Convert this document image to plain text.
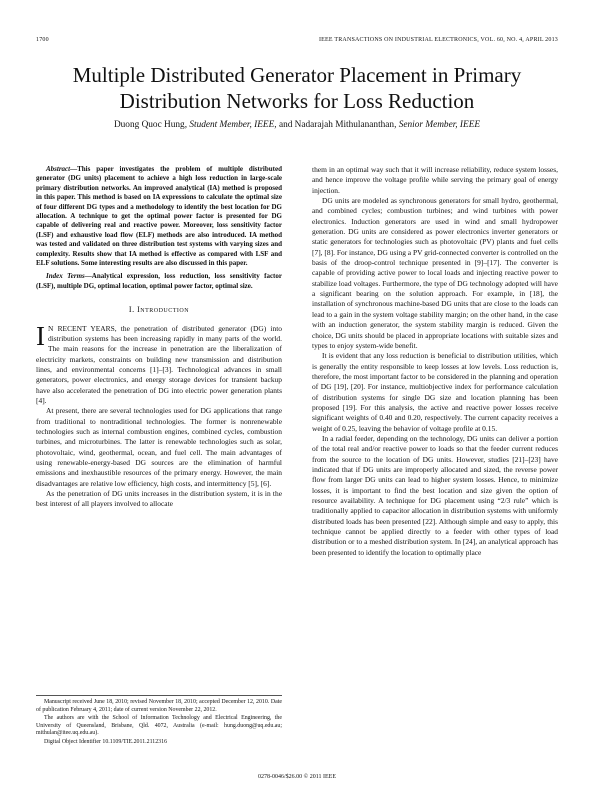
1700	IEEE TRANSACTIONS ON INDUSTRIAL ELECTRONICS, VOL. 60, NO. 4, APRIL 2013
Multiple Distributed Generator Placement in Primary
Distribution Networks for Loss Reduction
Duong Quoc Hung, Student Member, IEEE, and Nadarajah Mithulananthan, Senior Member, IEEE

Abstract—This paper investigates the problem of multiple distributed generator (DG units) placement to achieve a high loss reduction in large-scale primary distribution networks. An improved analytical (IA) method is proposed in this paper. This method is based on IA expressions to calculate the optimal size of four different DG types and a methodology to identify the best location for DG allocation. A technique to get the optimal power factor is presented for DG capable of delivering real and reactive power. Moreover, loss sensitivity factor (LSF) and exhaustive load flow (ELF) methods are also introduced. IA method was tested and validated on three distribution test systems with varying sizes and complexity. Results show that IA method is effective as compared with LSF and ELF solutions. Some interesting results are also discussed in this paper.

Index Terms—Analytical expression, loss reduction, loss sensitivity factor (LSF), multiple DG, optimal location, optimal power factor, optimal size.

I. Introduction

I N RECENT YEARS, the penetration of distributed generator (DG) into distribution systems has been increasing rapidly in many parts of the world. The main reasons for the increase in penetration are the liberalization of electricity markets, constraints on building new transmission and distribution lines, and environmental concerns [1]–[3]. Technological advances in small generators, power electronics, and energy storage devices for transient backup have also accelerated the penetration of DG into electric power generation plants [4].

At present, there are several technologies used for DG applications that range from traditional to nontraditional technologies. The former is nonrenewable technologies such as internal combustion engines, combined cycles, combustion turbines, and microturbines. The latter is renewable technologies such as solar, photovoltaic, wind, geothermal, ocean, and fuel cell. The main advantages of using renewable-energy-based DG sources are the elimination of harmful emissions and inexhaustible resources of the primary energy. However, the main disadvantages are relative low efficiency, high costs, and intermittency [5], [6].

As the penetration of DG units increases in the distribution system, it is in the best interest of all players involved to allocate

Manuscript received June 18, 2010; revised November 18, 2010; accepted December 12, 2010. Date of publication February 4, 2011; date of current version November 22, 2012.

The authors are with the School of Information Technology and Electrical Engineering, the University of Queensland, Brisbane, Qld. 4072, Australia (e-mail: hung.duong@uq.edu.au; mithulan@itee.uq.edu.au).

Digital Object Identifier 10.1109/TIE.2011.2112316

them in an optimal way such that it will increase reliability, reduce system losses, and hence improve the voltage profile while serving the primary goal of energy injection.

DG units are modeled as synchronous generators for small hydro, geothermal, and combined cycles; combustion turbines; and wind turbines with power electronics. Induction generators are used in wind and small hydropower generation. DG units are considered as power electronics inverter generators or static generators for technologies such as photovoltaic (PV) plants and fuel cells [7], [8]. For instance, DG using a PV grid-connected converter is controlled on the basis of the droop-control technique presented in [9]–[17]. The converter is capable of providing active power to local loads and injecting reactive power to stabilize load voltages. Furthermore, the type of DG technology adopted will have a significant bearing on the solution approach. For example, in [18], the installation of synchronous machine-based DG units that are close to the loads can lead to a gain in the system voltage stability margin; on the other hand, in the case with an induction generator, the system stability margin is reduced. Given the choice, DG units should be placed in appropriate locations with suitable sizes and types to enjoy system-wide benefit.

It is evident that any loss reduction is beneficial to distribution utilities, which is generally the entity responsible to keep losses at low levels. Loss reduction is, therefore, the most important factor to be considered in the planning and operation of DG [19], [20]. For instance, multiobjective index for performance calculation of distribution systems for single DG size and location planning has been proposed [19]. For this analysis, the active and reactive power losses receive significant weights of 0.40 and 0.20, respectively. The current capacity receives a weight of 0.25, leaving the behavior of voltage profile at 0.15.

In a radial feeder, depending on the technology, DG units can deliver a portion of the total real and/or reactive power to loads so that the feeder current reduces from the source to the location of DG units. However, studies [21]–[23] have indicated that if DG units are improperly allocated and sized, the reverse power flow from larger DG units can lead to higher system losses. Hence, to minimize losses, it is important to find the best location and size given the option of resource availability. A technique for DG placement using “2/3 rule” which is traditionally applied to capacitor allocation in distribution systems with uniformly distributed loads has been presented [22]. Although simple and easy to apply, this technique cannot be applied directly to a feeder with other types of load distribution or to a meshed distribution system. In [24], an analytical approach has been presented to identify the location to optimally place

0278-0046/$26.00 © 2011 IEEE
